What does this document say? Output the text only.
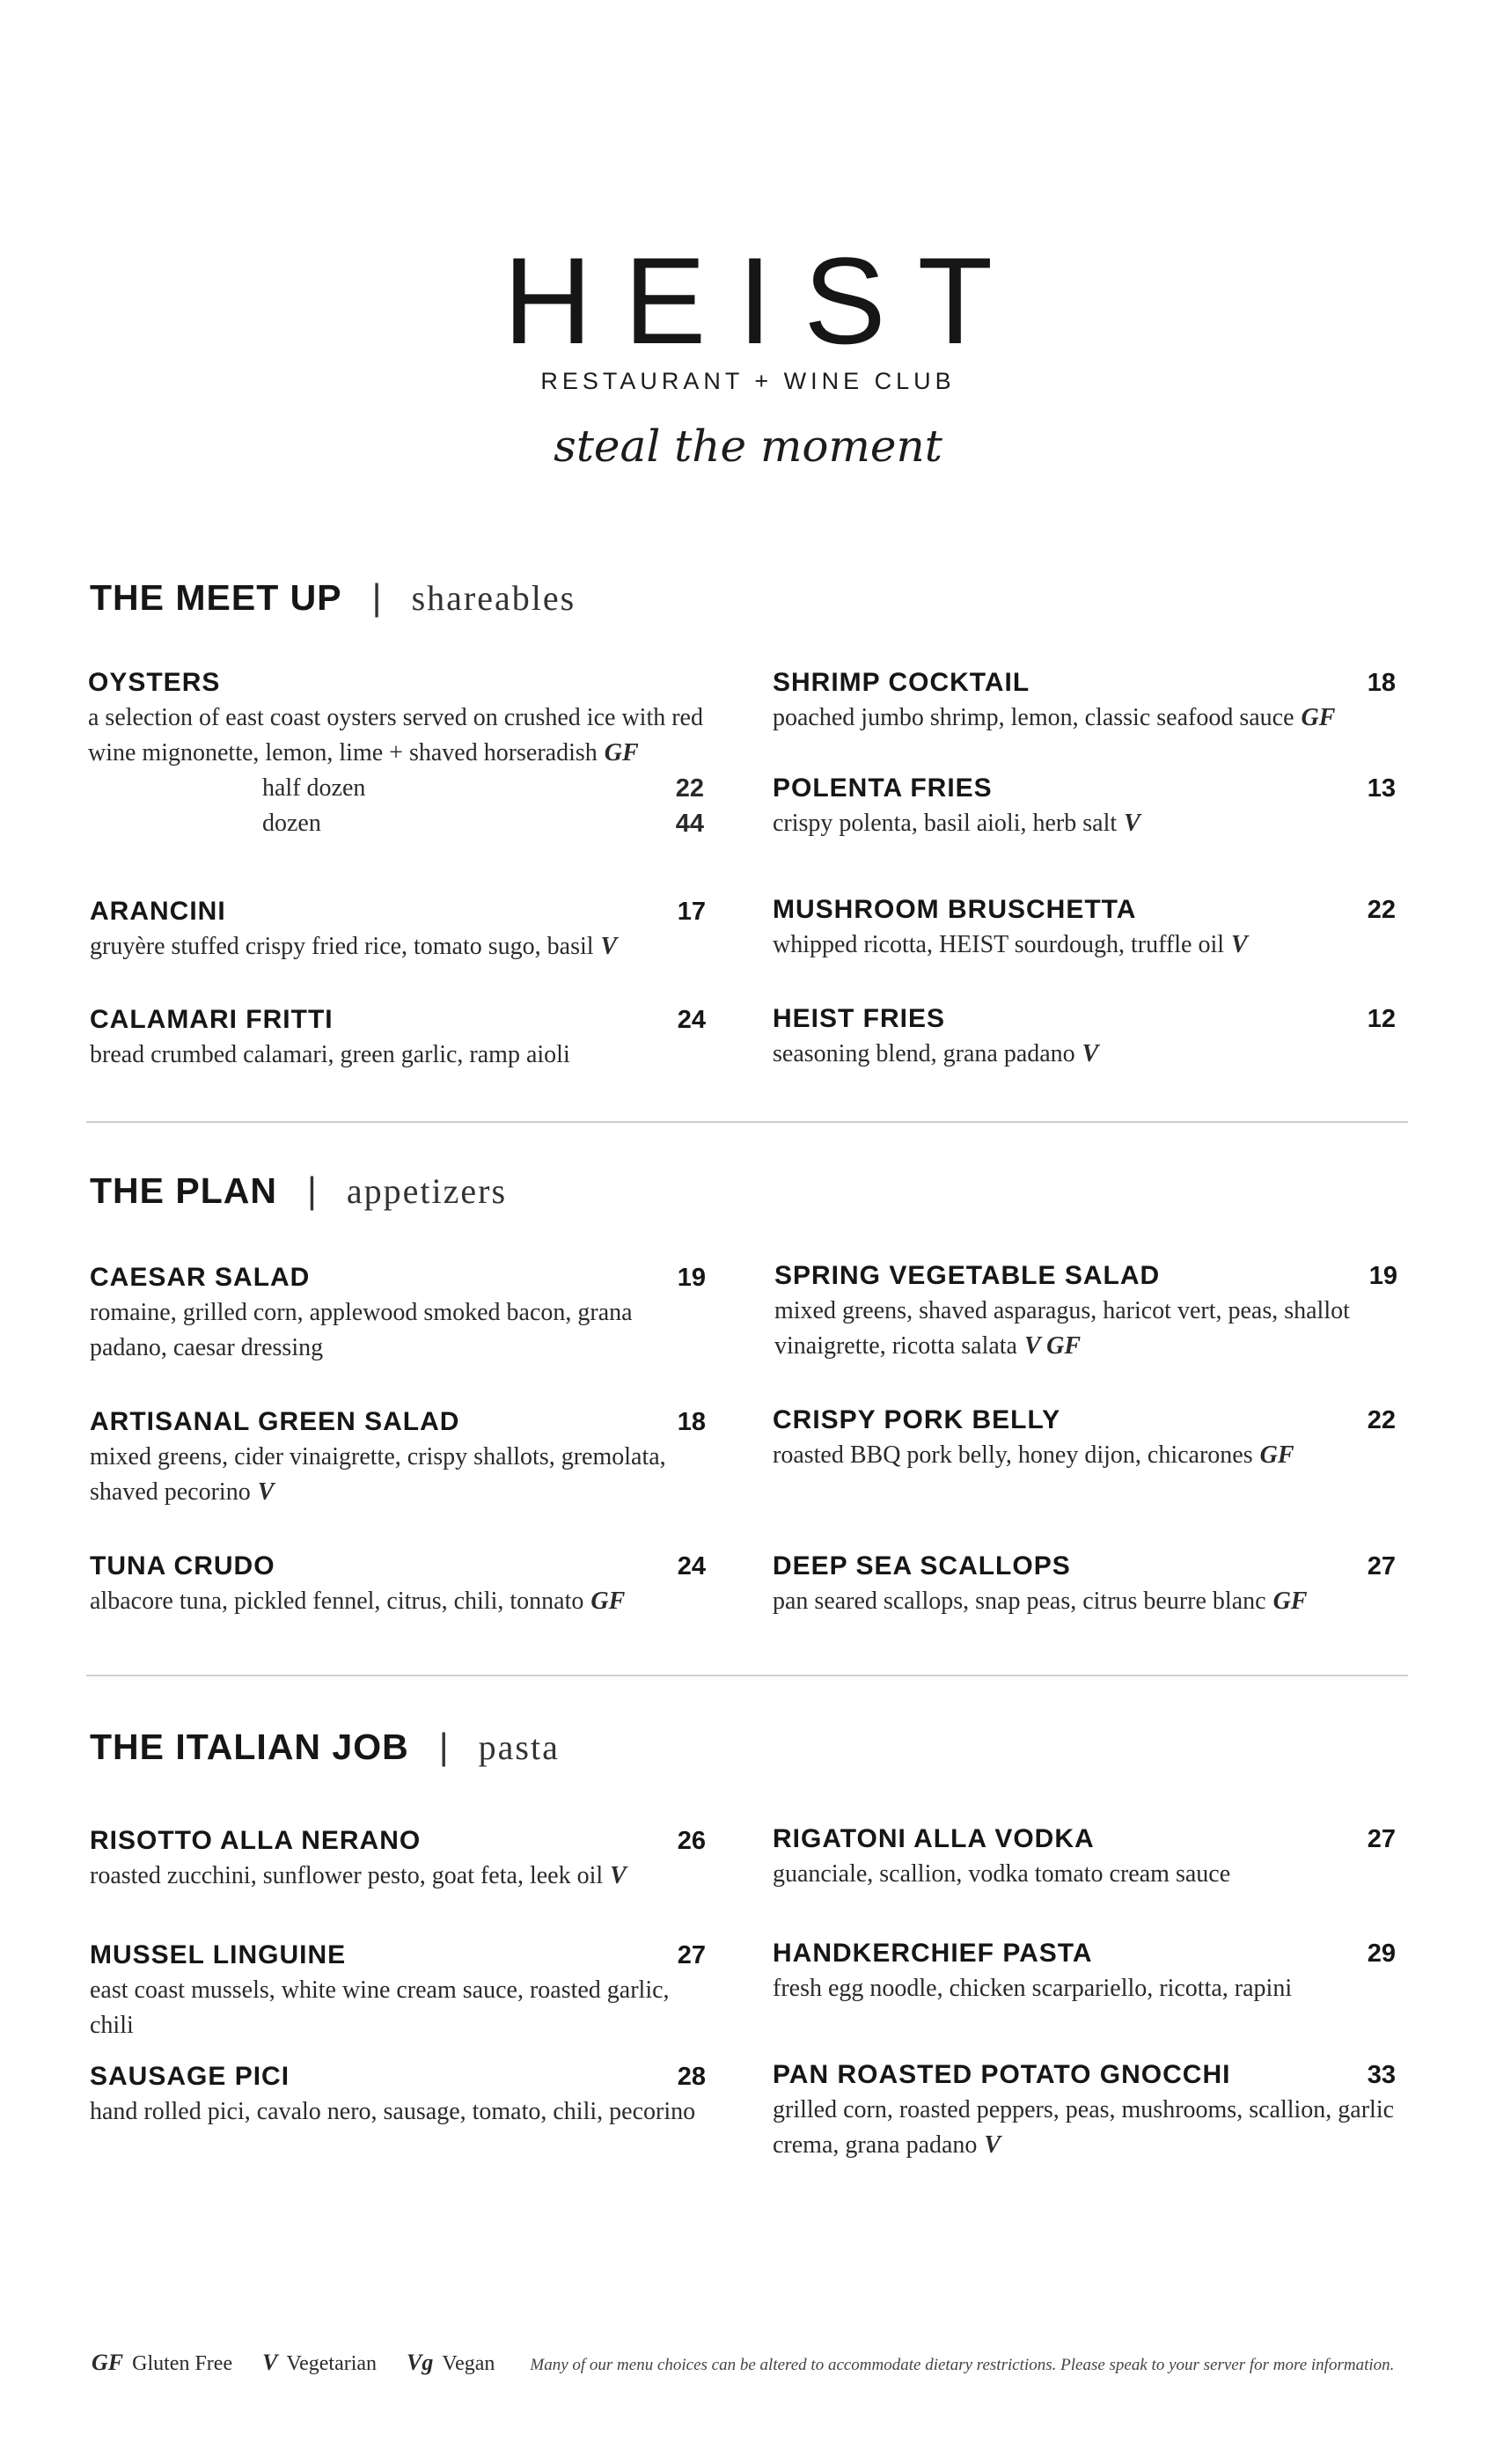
HEIST
RESTAURANT + WINE CLUB
steal the moment
THE MEET UP | shareables
OYSTERS
a selection of east coast oysters served on crushed ice with red wine mignonette, lemon, lime + shaved horseradish GF
half dozen	22
dozen	44
ARANCINI	17
gruyère stuffed crispy fried rice, tomato sugo, basil V
CALAMARI FRITTI	24
bread crumbed calamari, green garlic, ramp aioli
SHRIMP COCKTAIL	18
poached jumbo shrimp, lemon, classic seafood sauce GF
POLENTA FRIES	13
crispy polenta, basil aioli, herb salt V
MUSHROOM BRUSCHETTA	22
whipped ricotta, HEIST sourdough, truffle oil V
HEIST FRIES	12
seasoning blend, grana padano V
THE PLAN | appetizers
CAESAR SALAD	19
romaine, grilled corn, applewood smoked bacon, grana padano, caesar dressing
ARTISANAL GREEN SALAD	18
mixed greens, cider vinaigrette, crispy shallots, gremolata, shaved pecorino V
TUNA CRUDO	24
albacore tuna, pickled fennel, citrus, chili, tonnato GF
SPRING VEGETABLE SALAD	19
mixed greens, shaved asparagus, haricot vert, peas, shallot vinaigrette, ricotta salata V GF
CRISPY PORK BELLY	22
roasted BBQ pork belly, honey dijon, chicarones GF
DEEP SEA SCALLOPS	27
pan seared scallops, snap peas, citrus beurre blanc GF
THE ITALIAN JOB | pasta
RISOTTO ALLA NERANO	26
roasted zucchini, sunflower pesto, goat feta, leek oil V
MUSSEL LINGUINE	27
east coast mussels, white wine cream sauce, roasted garlic, chili
SAUSAGE PICI	28
hand rolled pici, cavalo nero, sausage, tomato, chili, pecorino
RIGATONI ALLA VODKA	27
guanciale, scallion, vodka tomato cream sauce
HANDKERCHIEF PASTA	29
fresh egg noodle, chicken scarpariello, ricotta, rapini
PAN ROASTED POTATO GNOCCHI	33
grilled corn, roasted peppers, peas, mushrooms, scallion, garlic crema, grana padano V
GF Gluten Free V Vegetarian Vg Vegan Many of our menu choices can be altered to accommodate dietary restrictions. Please speak to your server for more information.
